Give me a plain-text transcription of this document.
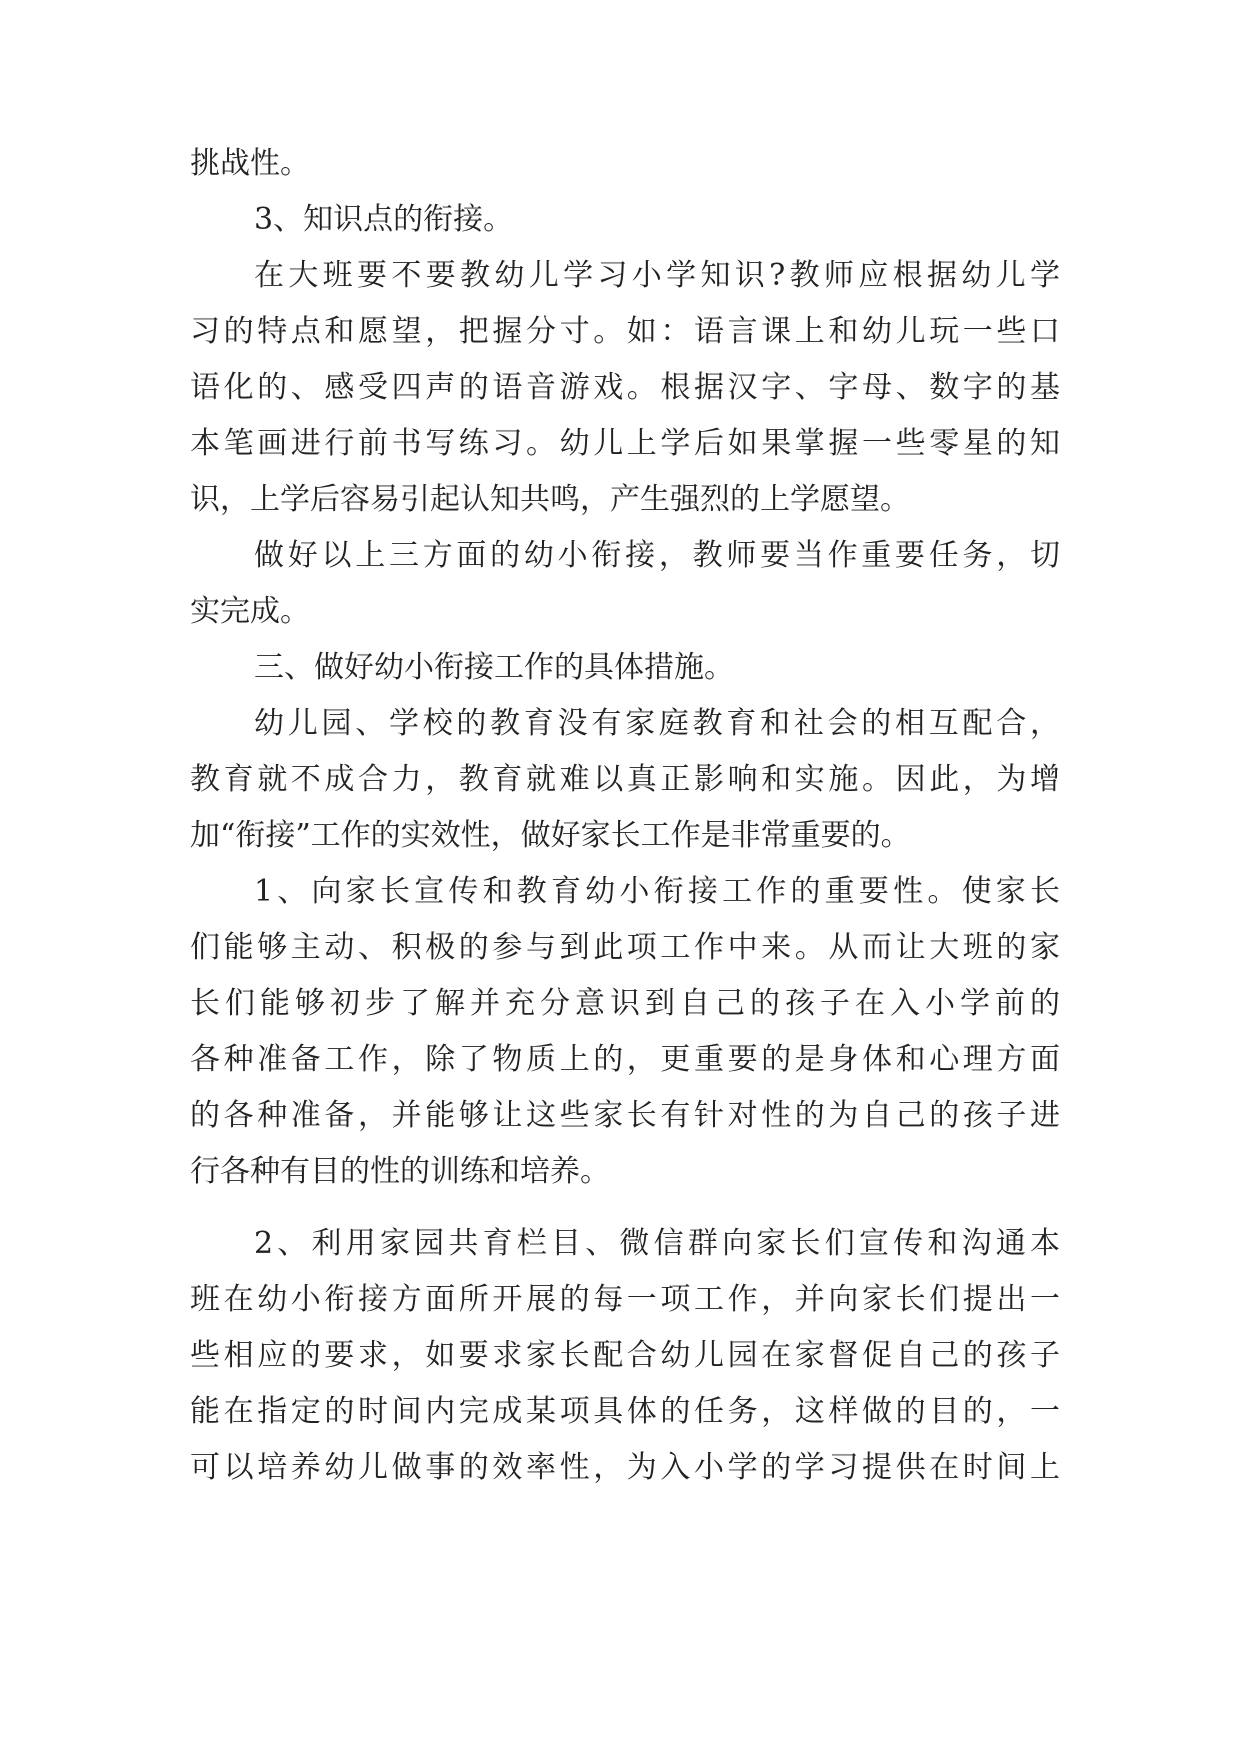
挑战性。
3、知识点的衔接。
在大班要不要教幼儿学习小学知识?教师应根据幼儿学
习的特点和愿望，把握分寸。如：语言课上和幼儿玩一些口
语化的、感受四声的语音游戏。根据汉字、字母、数字的基
本笔画进行前书写练习。幼儿上学后如果掌握一些零星的知
识，上学后容易引起认知共鸣，产生强烈的上学愿望。
做好以上三方面的幼小衔接，教师要当作重要任务，切
实完成。
三、做好幼小衔接工作的具体措施。
幼儿园、学校的教育没有家庭教育和社会的相互配合，
教育就不成合力，教育就难以真正影响和实施。因此，为增
加“衔接”工作的实效性，做好家长工作是非常重要的。
1、向家长宣传和教育幼小衔接工作的重要性。使家长
们能够主动、积极的参与到此项工作中来。从而让大班的家
长们能够初步了解并充分意识到自己的孩子在入小学前的
各种准备工作，除了物质上的，更重要的是身体和心理方面
的各种准备，并能够让这些家长有针对性的为自己的孩子进
行各种有目的性的训练和培养。
2、利用家园共育栏目、微信群向家长们宣传和沟通本
班在幼小衔接方面所开展的每一项工作，并向家长们提出一
些相应的要求，如要求家长配合幼儿园在家督促自己的孩子
能在指定的时间内完成某项具体的任务，这样做的目的，一
可以培养幼儿做事的效率性，为入小学的学习提供在时间上
